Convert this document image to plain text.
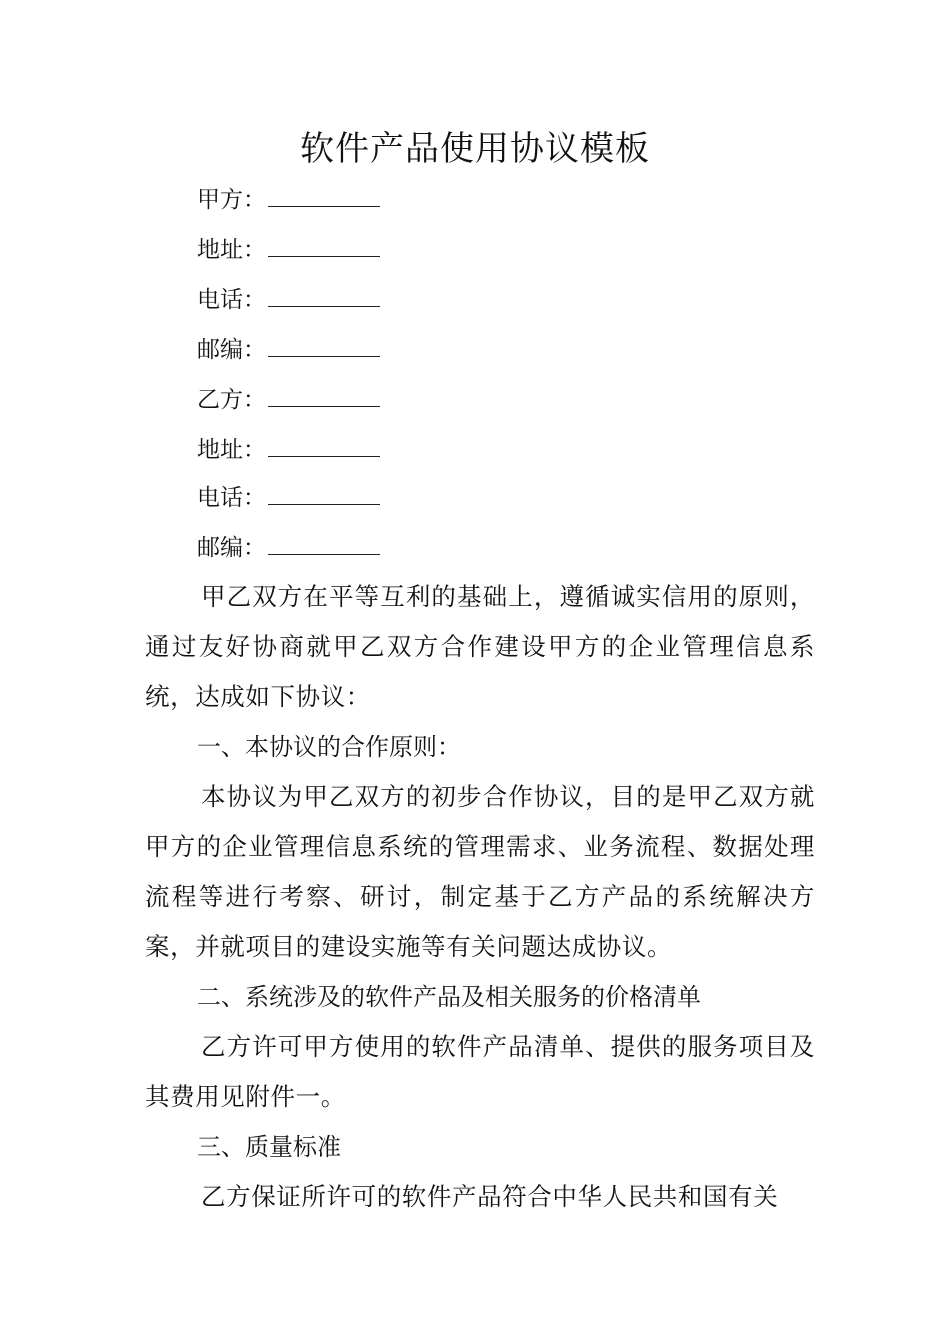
软件产品使用协议模板
甲方：
地址：
电话：
邮编：
乙方：
地址：
电话：
邮编：

甲乙双方在平等互利的基础上，遵循诚实信用的原则，通过友好协商就甲乙双方合作建设甲方的企业管理信息系统，达成如下协议：

一、本协议的合作原则：

本协议为甲乙双方的初步合作协议，目的是甲乙双方就甲方的企业管理信息系统的管理需求、业务流程、数据处理流程等进行考察、研讨，制定基于乙方产品的系统解决方案，并就项目的建设实施等有关问题达成协议。

二、系统涉及的软件产品及相关服务的价格清单

乙方许可甲方使用的软件产品清单、提供的服务项目及其费用见附件一。

三、质量标准

乙方保证所许可的软件产品符合中华人民共和国有关
